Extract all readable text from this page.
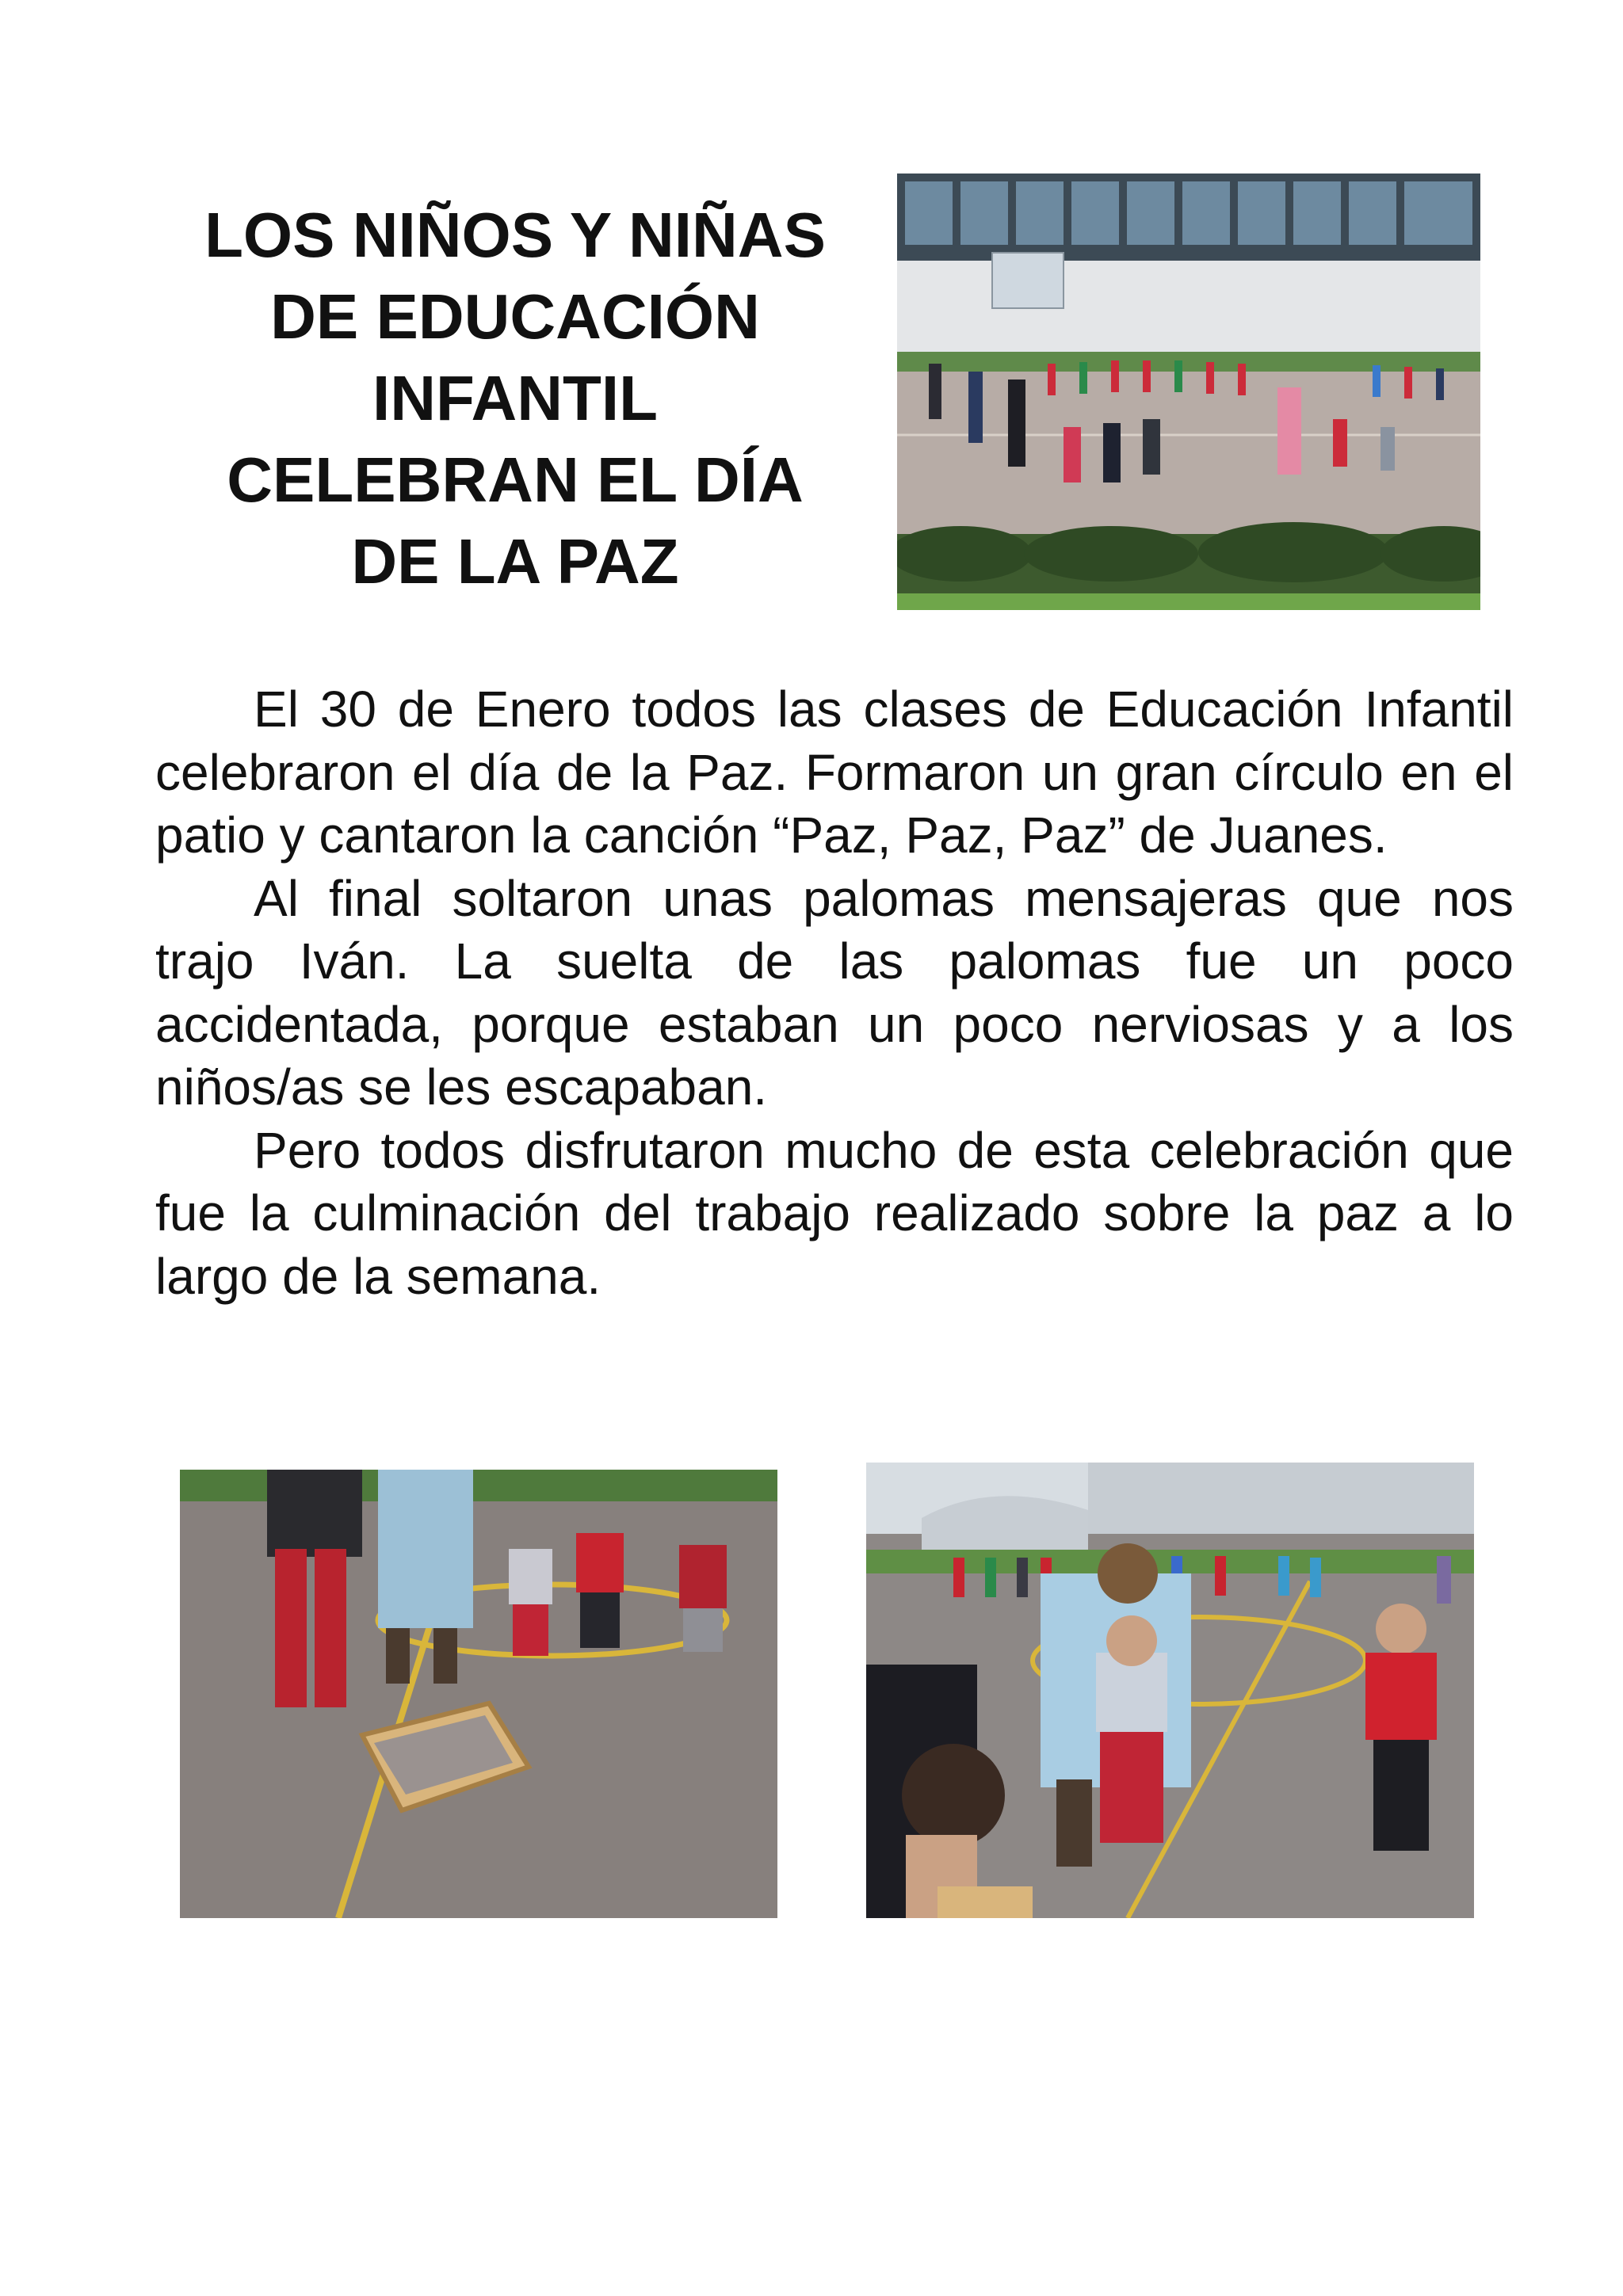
LOS NIÑOS Y NIÑAS
DE EDUCACIÓN
INFANTIL
CELEBRAN EL DÍA
DE LA PAZ

El 30 de Enero todos las clases de Educación Infantil celebraron el día de la Paz. Formaron un gran círculo en el patio y cantaron la canción “Paz, Paz, Paz” de Juanes.

Al final soltaron unas palomas mensajeras que nos trajo Iván. La suelta de las palomas fue un poco accidentada, porque estaban un poco nerviosas y a los niños/as se les escapaban.

Pero todos disfrutaron mucho de esta celebración que fue la culminación del trabajo realizado sobre la paz a lo largo de la semana.
